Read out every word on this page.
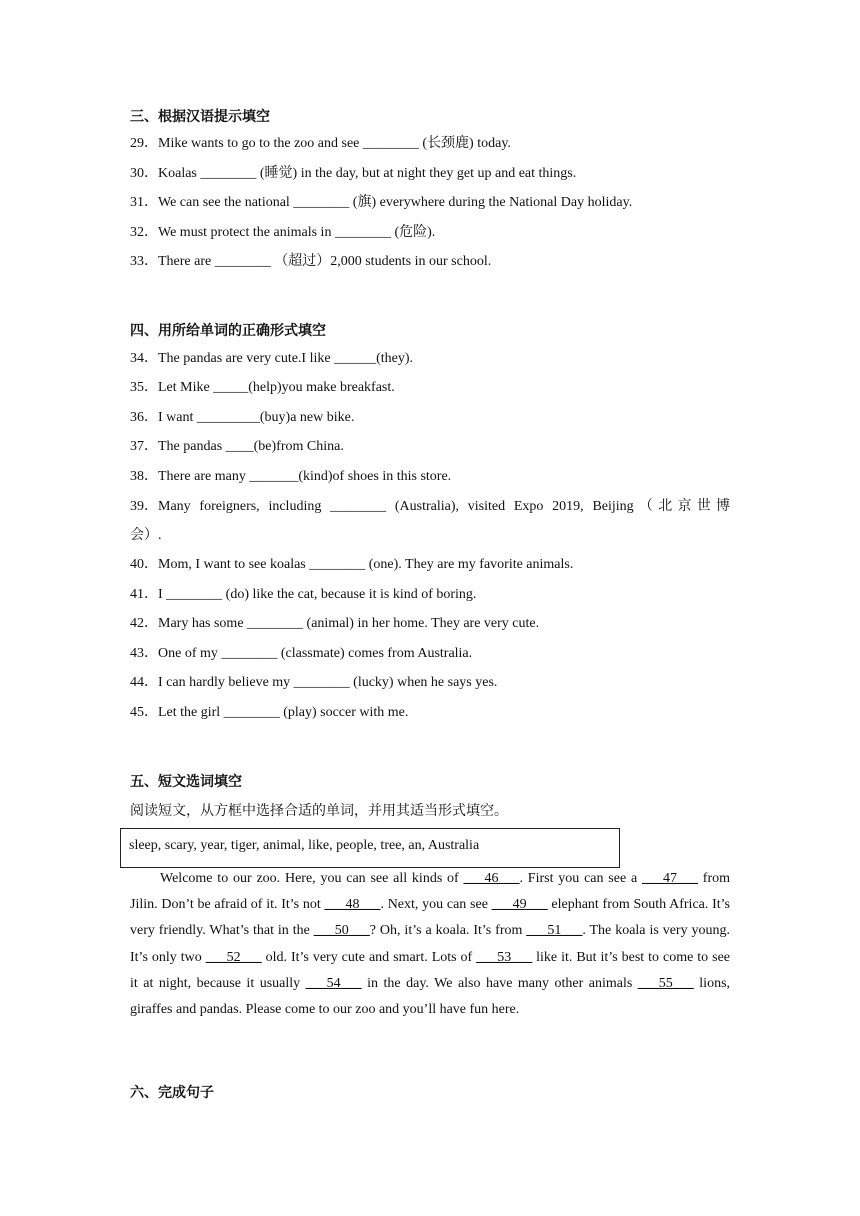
三、根据汉语提示填空
29．Mike wants to go to the zoo and see ________ (长颈鹿) today.
30．Koalas ________ (睡觉) in the day, but at night they get up and eat things.
31．We can see the national ________ (旗) everywhere during the National Day holiday.
32．We must protect the animals in ________ (危险).
33．There are ________ （超过）2,000 students in our school.
四、用所给单词的正确形式填空
34．The pandas are very cute.I like ______(they).
35．Let Mike _____(help)you make breakfast.
36．I want _________(buy)a new bike.
37．The pandas ____(be)from China.
38．There are many _______(kind)of shoes in this store.
39．Many foreigners, including ________ (Australia), visited Expo 2019, Beijing（北京世博
会）.
40．Mom, I want to see koalas ________ (one). They are my favorite animals.
41．I ________ (do) like the cat, because it is kind of boring.
42．Mary has some ________ (animal) in her home. They are very cute.
43．One of my ________ (classmate) comes from Australia.
44．I can hardly believe my ________ (lucky) when he says yes.
45．Let the girl ________ (play) soccer with me.
五、短文选词填空
阅读短文，从方框中选择合适的单词，并用其适当形式填空。
sleep, scary, year, tiger, animal, like, people, tree, an, Australia
Welcome to our zoo. Here, you can see all kinds of ___46___. First you can see a ___47___ from Jilin. Don’t be afraid of it. It’s not ___48___. Next, you can see ___49___ elephant from South Africa. It’s very friendly. What’s that in the ___50___? Oh, it’s a koala. It’s from ___51___. The koala is very young. It’s only two ___52___ old. It’s very cute and smart. Lots of ___53___ like it. But it’s best to come to see it at night, because it usually ___54___ in the day. We also have many other animals ___55___ lions, giraffes and pandas. Please come to our zoo and you’ll have fun here.
六、完成句子
